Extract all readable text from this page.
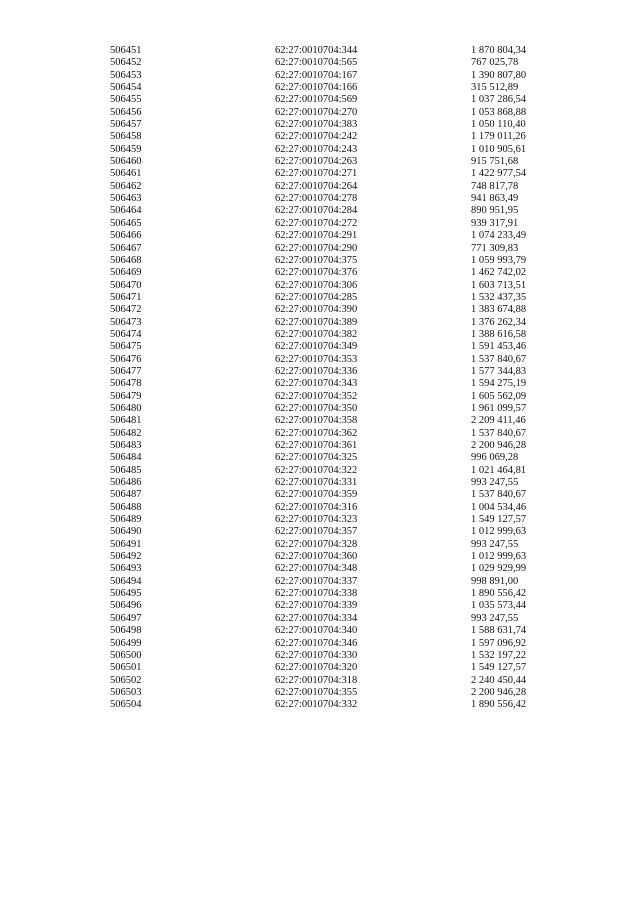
506451	62:27:0010704:344	1 870 804,34
506452	62:27:0010704:565	767 025,78
506453	62:27:0010704:167	1 390 807,80
506454	62:27:0010704:166	315 512,89
506455	62:27:0010704:569	1 037 286,54
506456	62:27:0010704:270	1 053 868,88
506457	62:27:0010704:383	1 050 110,40
506458	62:27:0010704:242	1 179 011,26
506459	62:27:0010704:243	1 010 905,61
506460	62:27:0010704:263	915 751,68
506461	62:27:0010704:271	1 422 977,54
506462	62:27:0010704:264	748 817,78
506463	62:27:0010704:278	941 863,49
506464	62:27:0010704:284	890 951,95
506465	62:27:0010704:272	939 317,91
506466	62:27:0010704:291	1 074 233,49
506467	62:27:0010704:290	771 309,83
506468	62:27:0010704:375	1 059 993,79
506469	62:27:0010704:376	1 462 742,02
506470	62:27:0010704:306	1 603 713,51
506471	62:27:0010704:285	1 532 437,35
506472	62:27:0010704:390	1 383 674,88
506473	62:27:0010704:389	1 376 262,34
506474	62:27:0010704:382	1 388 616,58
506475	62:27:0010704:349	1 591 453,46
506476	62:27:0010704:353	1 537 840,67
506477	62:27:0010704:336	1 577 344,83
506478	62:27:0010704:343	1 594 275,19
506479	62:27:0010704:352	1 605 562,09
506480	62:27:0010704:350	1 961 099,57
506481	62:27:0010704:358	2 209 411,46
506482	62:27:0010704:362	1 537 840,67
506483	62:27:0010704:361	2 200 946,28
506484	62:27:0010704:325	996 069,28
506485	62:27:0010704:322	1 021 464,81
506486	62:27:0010704:331	993 247,55
506487	62:27:0010704:359	1 537 840,67
506488	62:27:0010704:316	1 004 534,46
506489	62:27:0010704:323	1 549 127,57
506490	62:27:0010704:357	1 012 999,63
506491	62:27:0010704:328	993 247,55
506492	62:27:0010704:360	1 012 999,63
506493	62:27:0010704:348	1 029 929,99
506494	62:27:0010704:337	998 891,00
506495	62:27:0010704:338	1 890 556,42
506496	62:27:0010704:339	1 035 573,44
506497	62:27:0010704:334	993 247,55
506498	62:27:0010704:340	1 588 631,74
506499	62:27:0010704:346	1 597 096,92
506500	62:27:0010704:330	1 532 197,22
506501	62:27:0010704:320	1 549 127,57
506502	62:27:0010704:318	2 240 450,44
506503	62:27:0010704:355	2 200 946,28
506504	62:27:0010704:332	1 890 556,42
